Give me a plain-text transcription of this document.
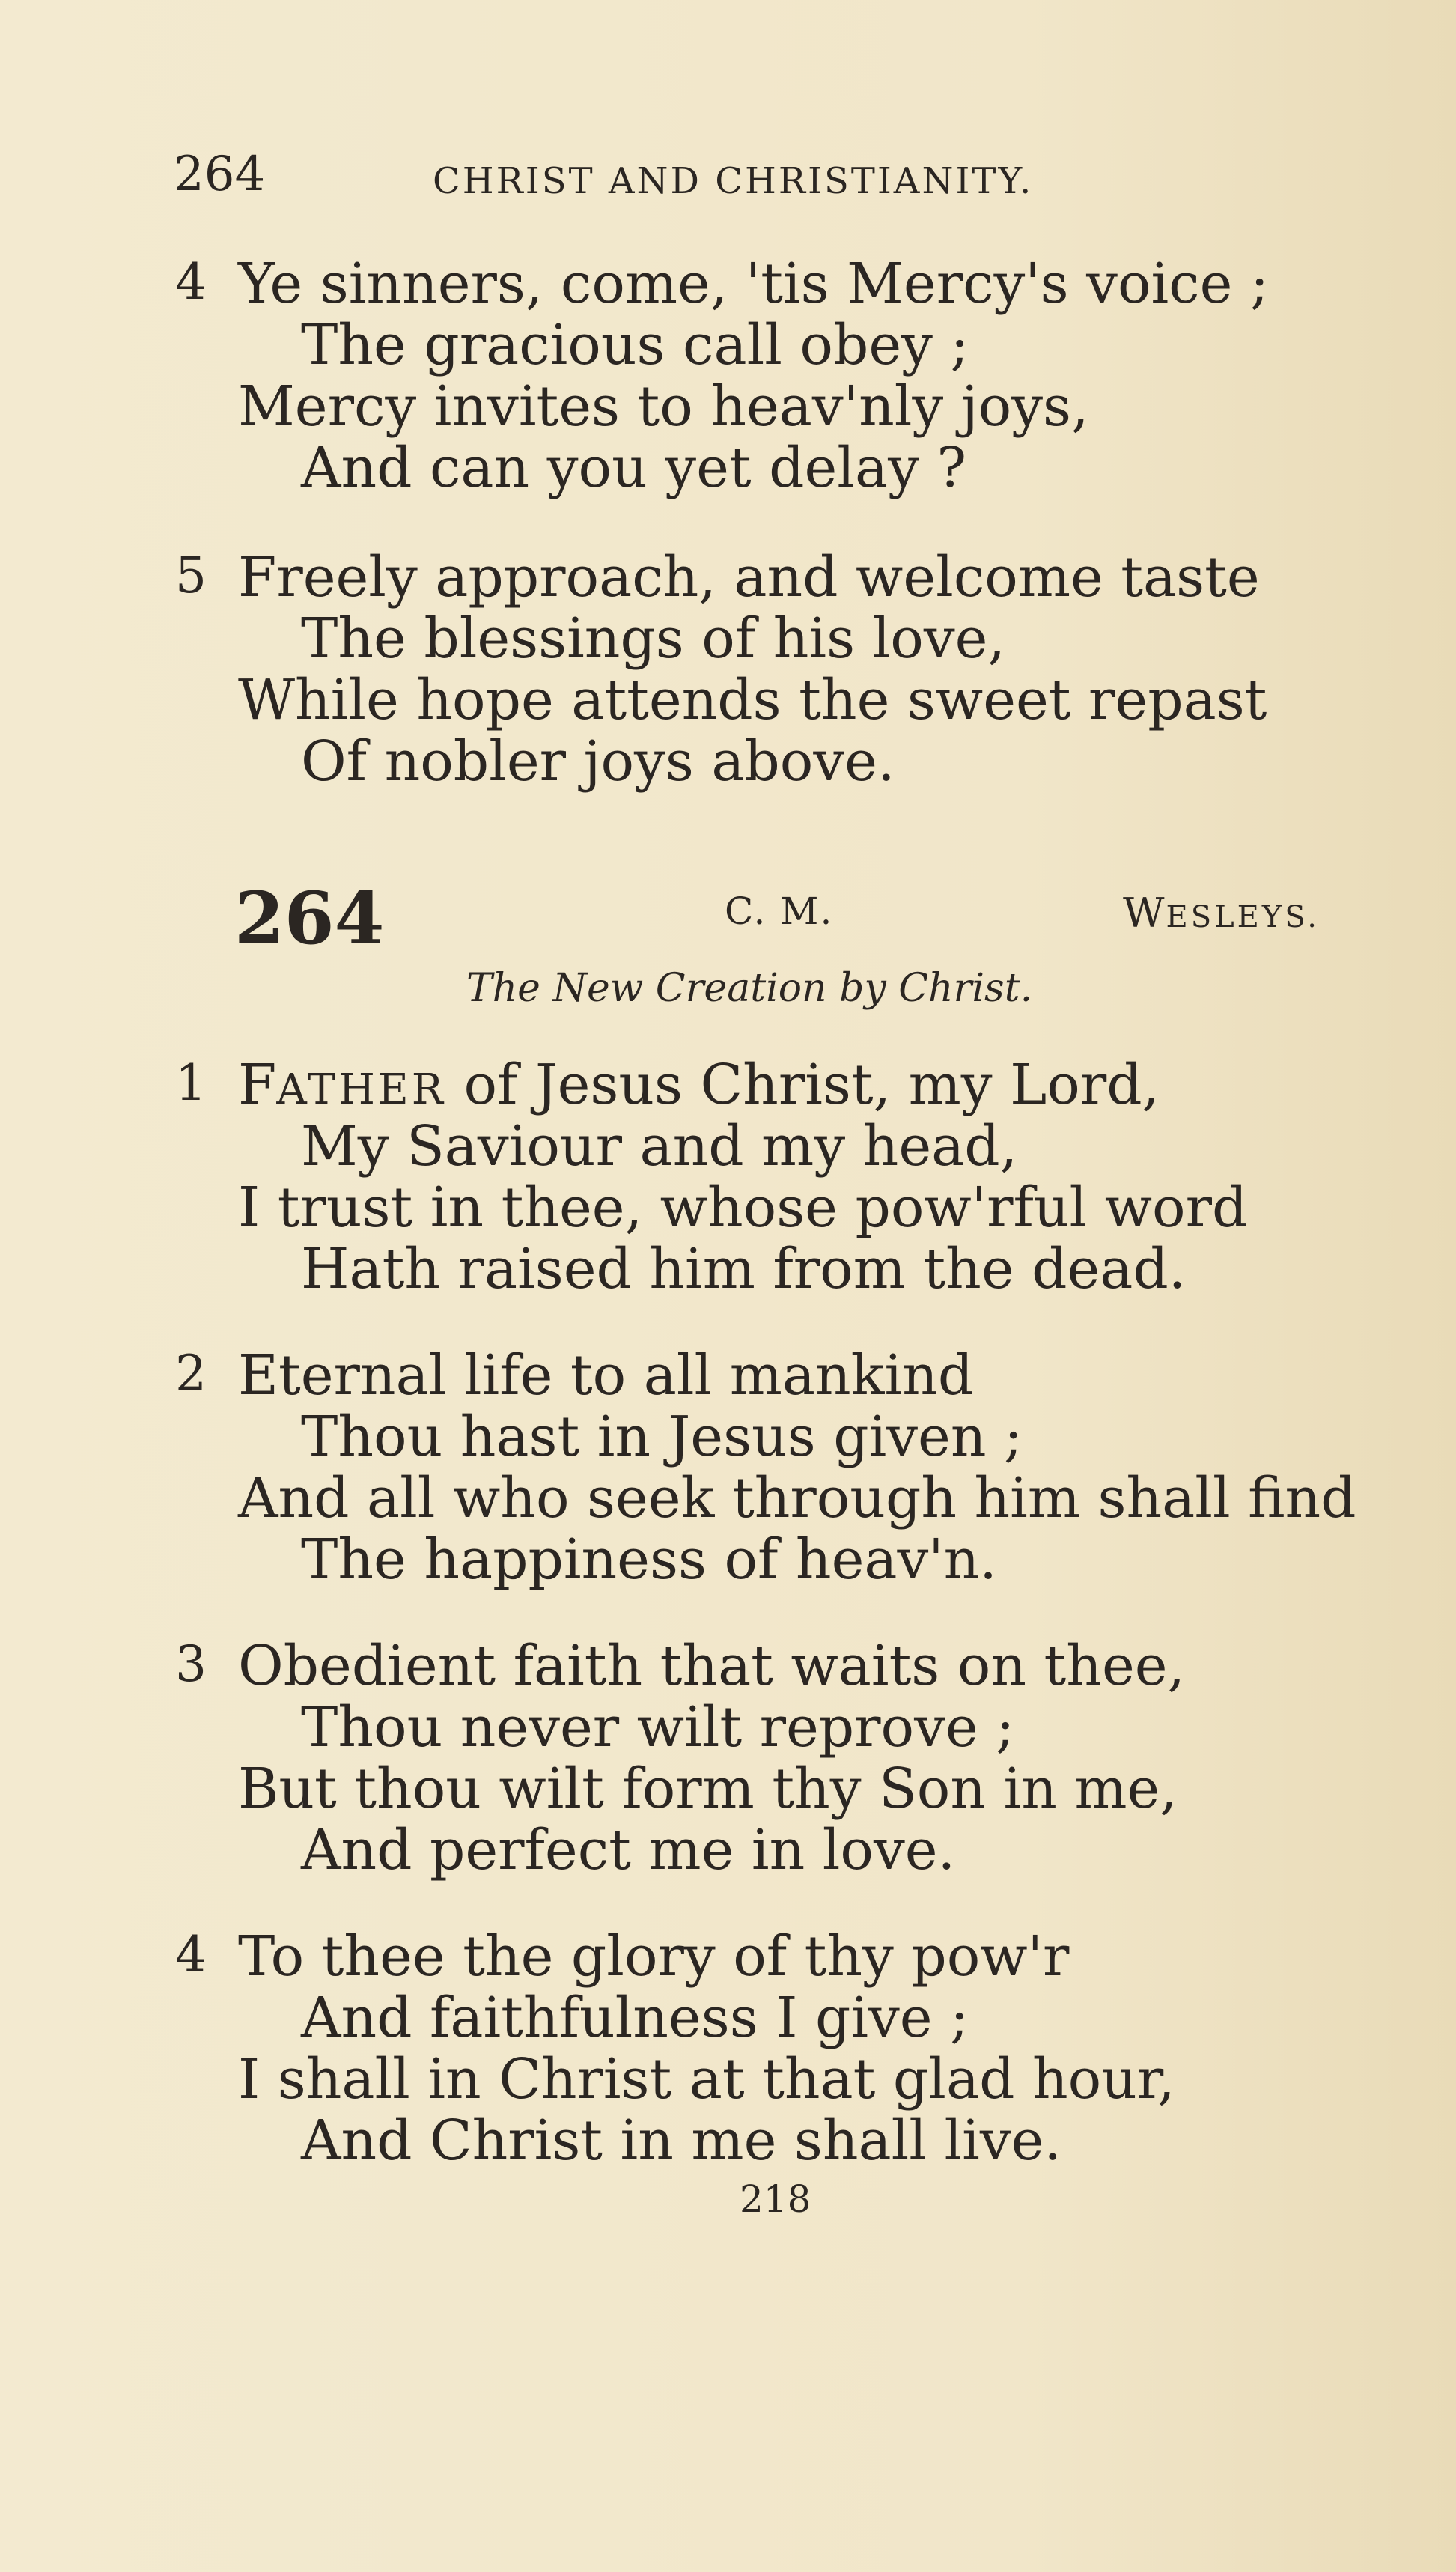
264	CHRIST AND CHRISTIANITY.
4 Ye sinners, come, 'tis Mercy's voice ;
The gracious call obey ;
Mercy invites to heav'nly joys,
And can you yet delay ?
5 Freely approach, and welcome taste
The blessings of his love,
While hope attends the sweet repast
Of nobler joys above.
264	C. M.	WESLEYS.
The New Creation by Christ.
1 FATHER of Jesus Christ, my Lord,
My Saviour and my head,
I trust in thee, whose pow'rful word
Hath raised him from the dead.
2 Eternal life to all mankind
Thou hast in Jesus given ;
And all who seek through him shall find
The happiness of heav'n.
3 Obedient faith that waits on thee,
Thou never wilt reprove ;
But thou wilt form thy Son in me,
And perfect me in love.
4 To thee the glory of thy pow'r
And faithfulness I give ;
I shall in Christ at that glad hour,
And Christ in me shall live.
218
